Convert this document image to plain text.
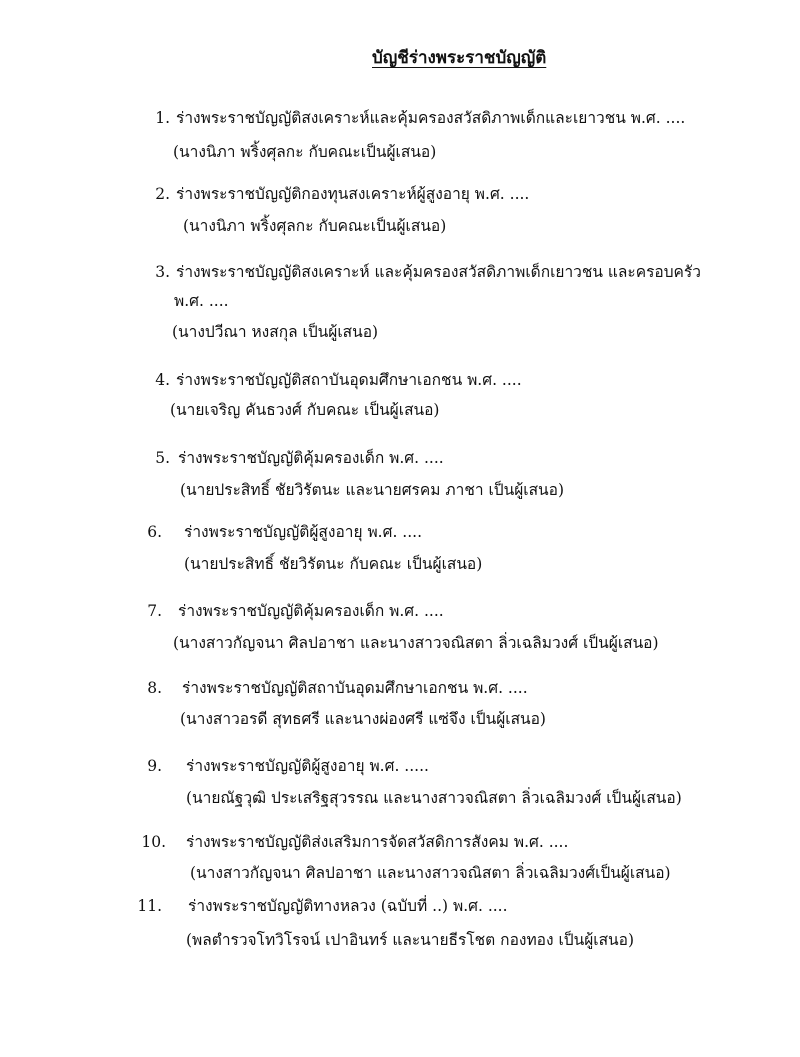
บัญชีร่างพระราชบัญญัติ
1. ร่างพระราชบัญญัติสงเคราะห์และคุ้มครองสวัสดิภาพเด็กและเยาวชน พ.ศ. ....
(นางนิภา พริ้งศุลกะ กับคณะเป็นผู้เสนอ)
2. ร่างพระราชบัญญัติกองทุนสงเคราะห์ผู้สูงอายุ พ.ศ. ....
(นางนิภา พริ้งศุลกะ กับคณะเป็นผู้เสนอ)
3. ร่างพระราชบัญญัติสงเคราะห์ และคุ้มครองสวัสดิภาพเด็กเยาวชน และครอบครัว
พ.ศ. ....
(นางปวีณา หงสกุล เป็นผู้เสนอ)
4. ร่างพระราชบัญญัติสถาบันอุดมศึกษาเอกชน พ.ศ. ....
(นายเจริญ คันธวงศ์ กับคณะ เป็นผู้เสนอ)
5. ร่างพระราชบัญญัติคุ้มครองเด็ก พ.ศ. ....
(นายประสิทธิ์ ชัยวิรัตนะ และนายศรคม ภาชา เป็นผู้เสนอ)
6. ร่างพระราชบัญญัติผู้สูงอายุ พ.ศ. ....
(นายประสิทธิ์ ชัยวิรัตนะ กับคณะ เป็นผู้เสนอ)
7. ร่างพระราชบัญญัติคุ้มครองเด็ก พ.ศ. ....
(นางสาวกัญจนา ศิลปอาชา และนางสาวจณิสตา ลิ่วเฉลิมวงศ์ เป็นผู้เสนอ)
8. ร่างพระราชบัญญัติสถาบันอุดมศึกษาเอกชน พ.ศ. ....
(นางสาวอรดี สุทธศรี และนางผ่องศรี แซ่จึง เป็นผู้เสนอ)
9. ร่างพระราชบัญญัติผู้สูงอายุ พ.ศ. .....
(นายณัฐวุฒิ ประเสริฐสุวรรณ และนางสาวจณิสตา ลิ่วเฉลิมวงศ์ เป็นผู้เสนอ)
10. ร่างพระราชบัญญัติส่งเสริมการจัดสวัสดิการสังคม พ.ศ. ....
(นางสาวกัญจนา ศิลปอาชา และนางสาวจณิสตา ลิ่วเฉลิมวงศ์เป็นผู้เสนอ)
11. ร่างพระราชบัญญัติทางหลวง (ฉบับที่ ..) พ.ศ. ....
(พลตำรวจโทวิโรจน์ เปาอินทร์ และนายธีรโชต กองทอง เป็นผู้เสนอ)
